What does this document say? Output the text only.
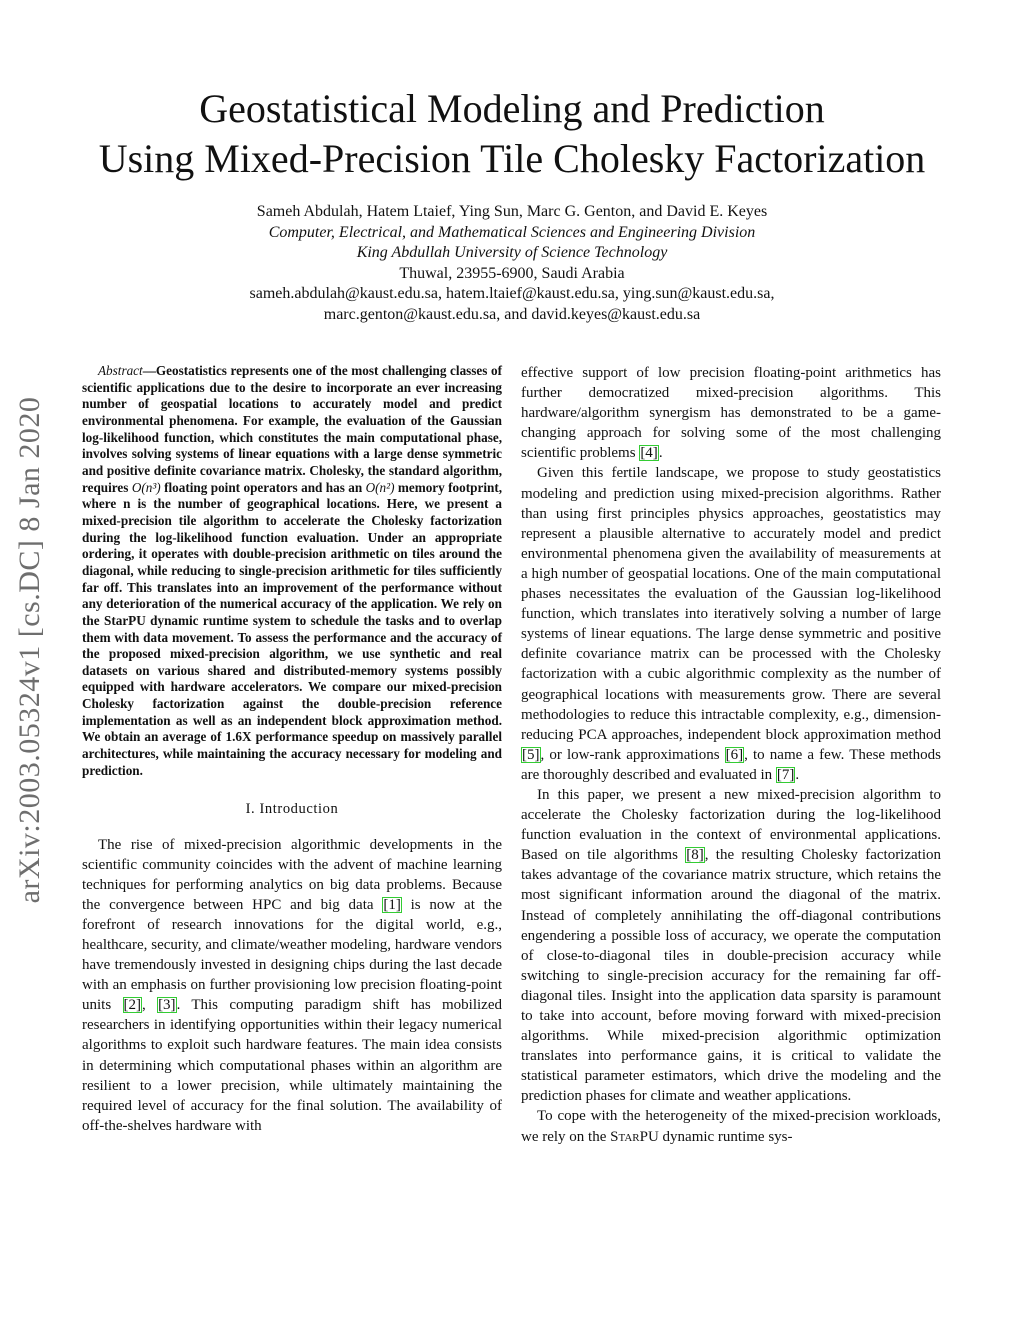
arXiv:2003.05324v1 [cs.DC] 8 Jan 2020
Geostatistical Modeling and Prediction
Using Mixed-Precision Tile Cholesky Factorization
Sameh Abdulah, Hatem Ltaief, Ying Sun, Marc G. Genton, and David E. Keyes
Computer, Electrical, and Mathematical Sciences and Engineering Division
King Abdullah University of Science Technology
Thuwal, 23955-6900, Saudi Arabia
sameh.abdulah@kaust.edu.sa, hatem.ltaief@kaust.edu.sa, ying.sun@kaust.edu.sa,
marc.genton@kaust.edu.sa, and david.keyes@kaust.edu.sa

Abstract—Geostatistics represents one of the most challenging classes of scientific applications due to the desire to incorporate an ever increasing number of geospatial locations to accurately model and predict environmental phenomena. For example, the evaluation of the Gaussian log-likelihood function, which constitutes the main computational phase, involves solving systems of linear equations with a large dense symmetric and positive definite covariance matrix. Cholesky, the standard algorithm, requires O(n³) floating point operators and has an O(n²) memory footprint, where n is the number of geographical locations. Here, we present a mixed-precision tile algorithm to accelerate the Cholesky factorization during the log-likelihood function evaluation. Under an appropriate ordering, it operates with double-precision arithmetic on tiles around the diagonal, while reducing to single-precision arithmetic for tiles sufficiently far off. This translates into an improvement of the performance without any deterioration of the numerical accuracy of the application. We rely on the StarPU dynamic runtime system to schedule the tasks and to overlap them with data movement. To assess the performance and the accuracy of the proposed mixed-precision algorithm, we use synthetic and real datasets on various shared and distributed-memory systems possibly equipped with hardware accelerators. We compare our mixed-precision Cholesky factorization against the double-precision reference implementation as well as an independent block approximation method. We obtain an average of 1.6X performance speedup on massively parallel architectures, while maintaining the accuracy necessary for modeling and prediction.

I. Introduction

The rise of mixed-precision algorithmic developments in the scientific community coincides with the advent of machine learning techniques for performing analytics on big data problems. Because the convergence between HPC and big data [1] is now at the forefront of research innovations for the digital world, e.g., healthcare, security, and climate/weather modeling, hardware vendors have tremendously invested in designing chips during the last decade with an emphasis on further provisioning low precision floating-point units [2], [3]. This computing paradigm shift has mobilized researchers in identifying opportunities within their legacy numerical algorithms to exploit such hardware features. The main idea consists in determining which computational phases within an algorithm are resilient to a lower precision, while ultimately maintaining the required level of accuracy for the final solution. The availability of off-the-shelves hardware with

effective support of low precision floating-point arithmetics has further democratized mixed-precision algorithms. This hardware/algorithm synergism has demonstrated to be a game-changing approach for solving some of the most challenging scientific problems [4].

Given this fertile landscape, we propose to study geostatistics modeling and prediction using mixed-precision algorithms. Rather than using first principles physics approaches, geostatistics may represent a plausible alternative to accurately model and predict environmental phenomena given the availability of measurements at a high number of geospatial locations. One of the main computational phases necessitates the evaluation of the Gaussian log-likelihood function, which translates into iteratively solving a number of large systems of linear equations. The large dense symmetric and positive definite covariance matrix can be processed with the Cholesky factorization with a cubic algorithmic complexity as the number of geographical locations with measurements grow. There are several methodologies to reduce this intractable complexity, e.g., dimension-reducing PCA approaches, independent block approximation method [5], or low-rank approximations [6], to name a few. These methods are thoroughly described and evaluated in [7].

In this paper, we present a new mixed-precision algorithm to accelerate the Cholesky factorization during the log-likelihood function evaluation in the context of environmental applications. Based on tile algorithms [8], the resulting Cholesky factorization takes advantage of the covariance matrix structure, which retains the most significant information around the diagonal of the matrix. Instead of completely annihilating the off-diagonal contributions engendering a possible loss of accuracy, we operate the computation of close-to-diagonal tiles in double-precision accuracy while switching to single-precision accuracy for the remaining far off-diagonal tiles. Insight into the application data sparsity is paramount to take into account, before moving forward with mixed-precision algorithms. While mixed-precision algorithmic optimization translates into performance gains, it is critical to validate the statistical parameter estimators, which drive the modeling and the prediction phases for climate and weather applications.

To cope with the heterogeneity of the mixed-precision workloads, we rely on the StarPU dynamic runtime sys-
